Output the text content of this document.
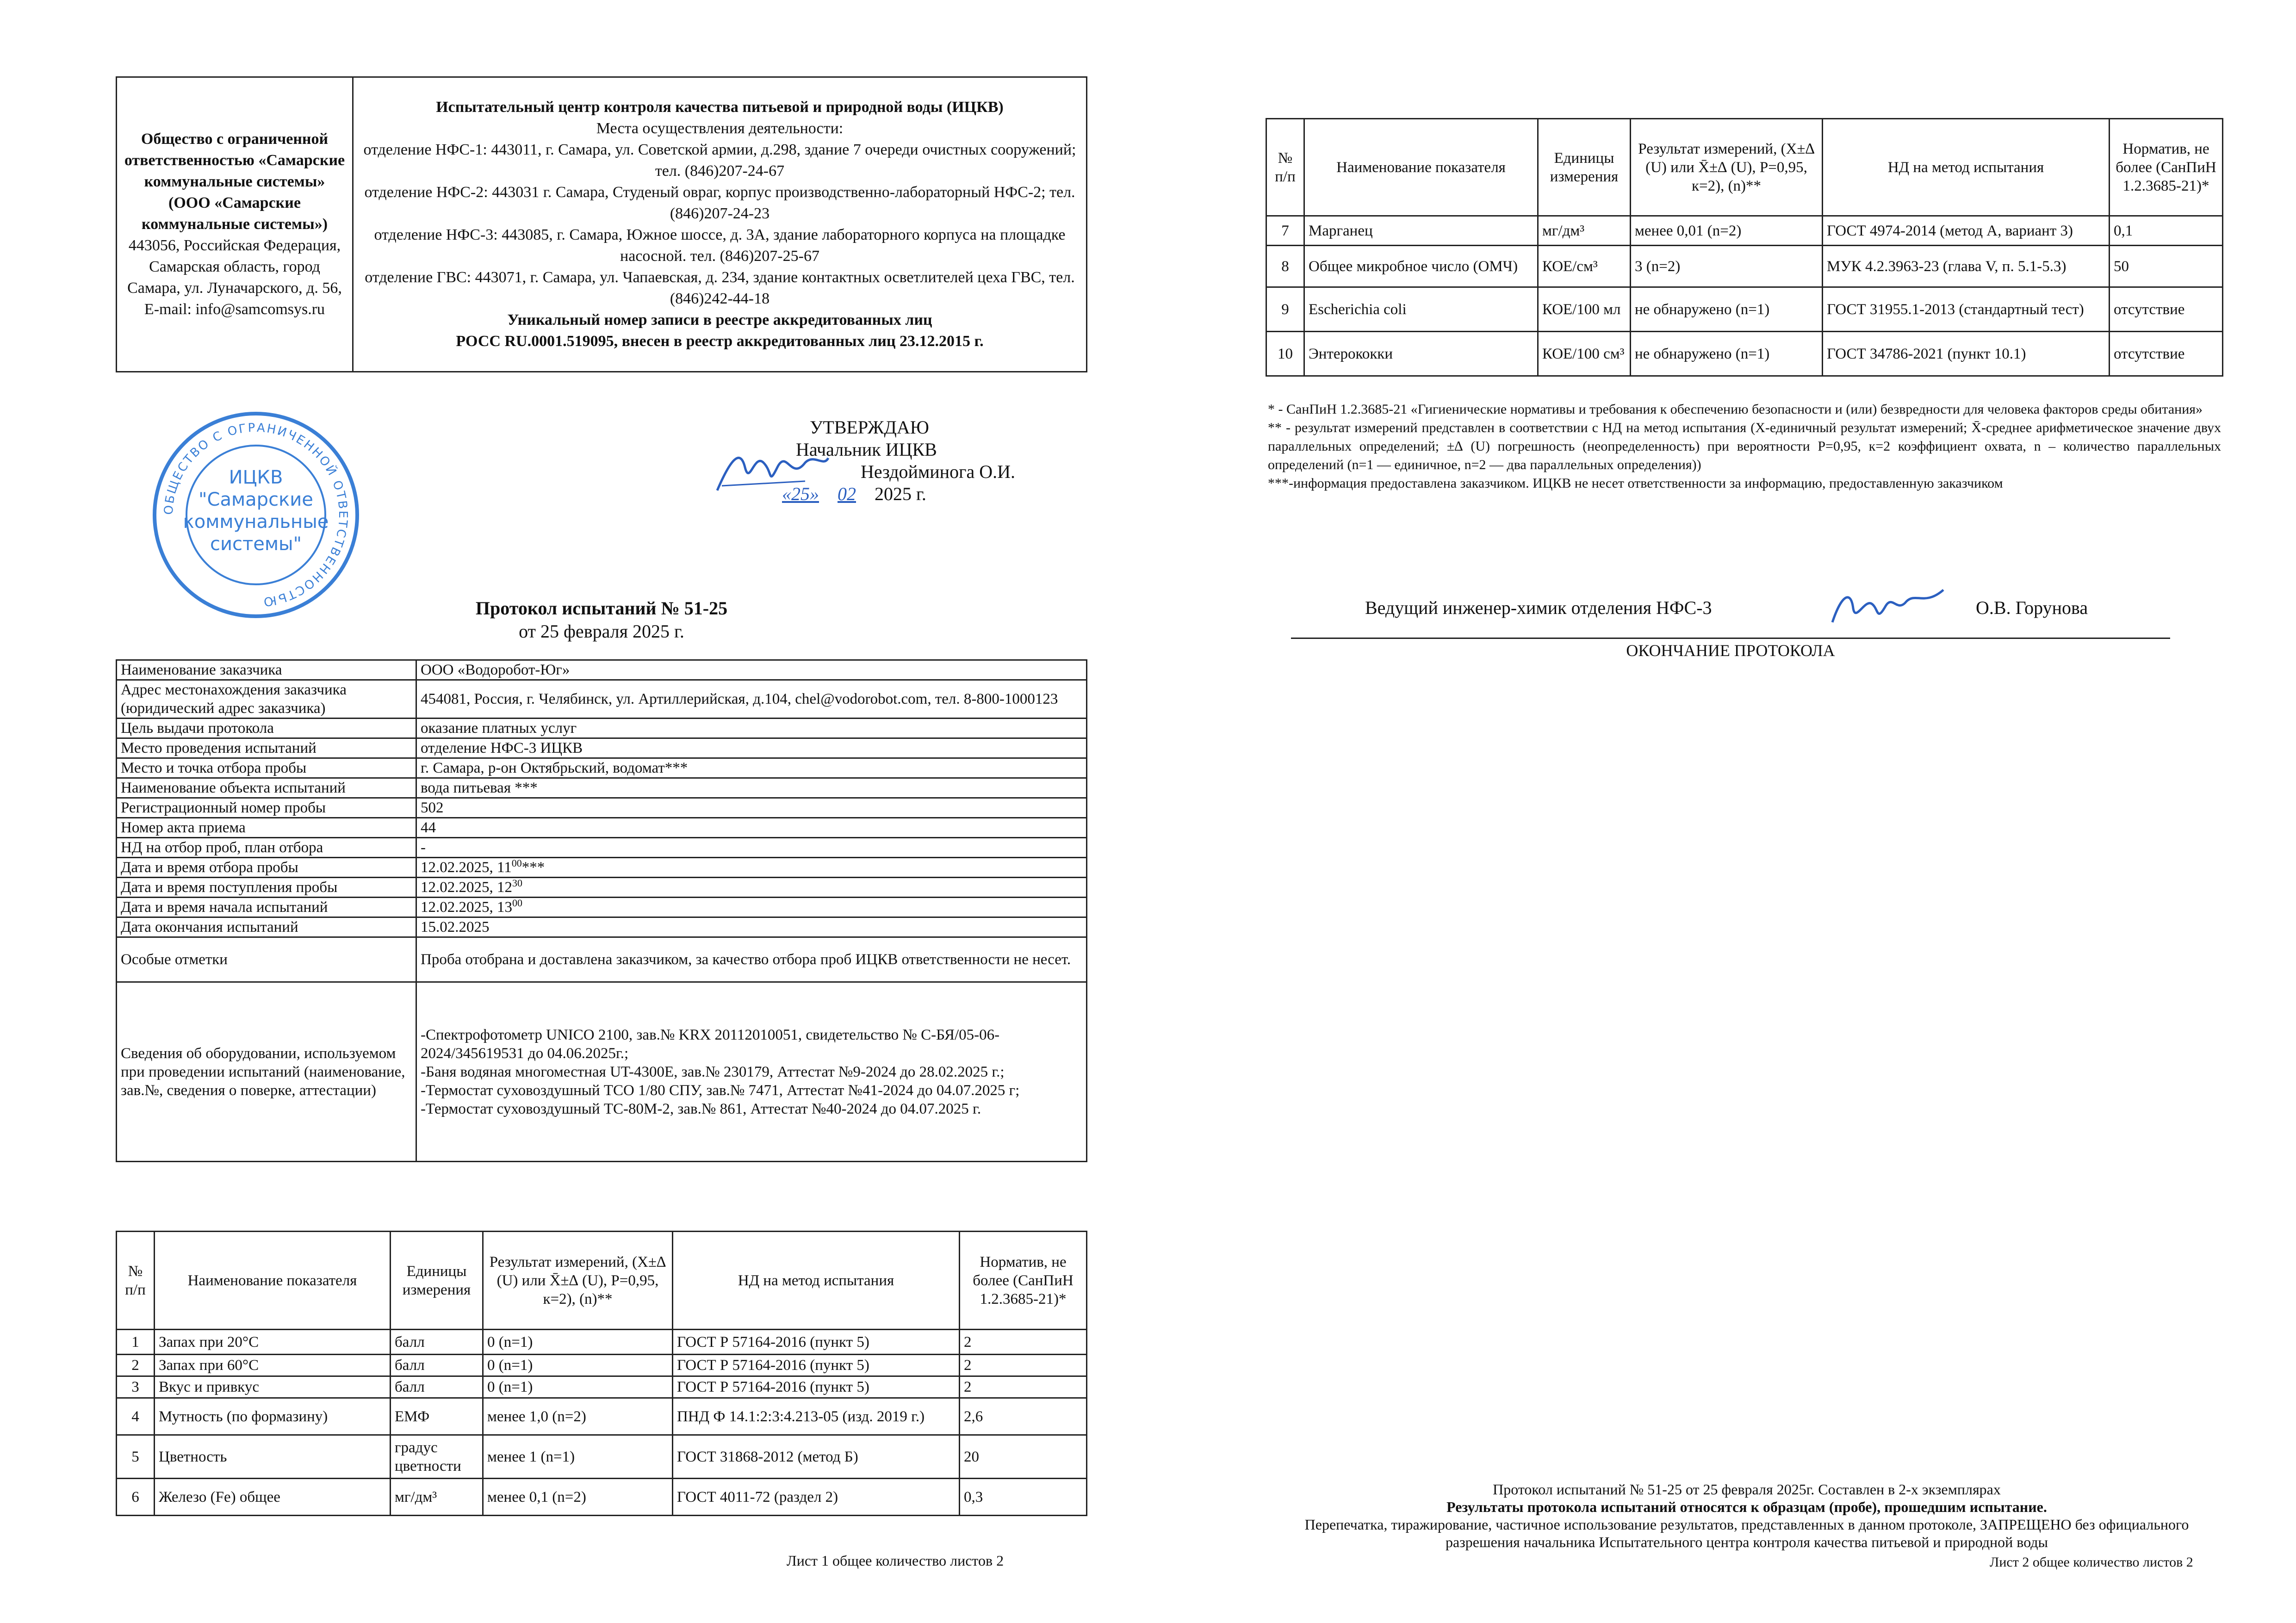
Общество с ограниченной ответственностью «Самарские коммунальные системы» (ООО «Самарские коммунальные системы»)
443056, Российская Федерация, Самарская область, город Самара, ул. Луначарского, д. 56,
E-mail: info@samcomsys.ru

Испытательный центр контроля качества питьевой и природной воды (ИЦКВ)
Места осуществления деятельности:
отделение НФС-1: 443011, г. Самара, ул. Советской армии, д.298, здание 7 очереди очистных сооружений; тел. (846)207-24-67
отделение НФС-2: 443031 г. Самара, Студеный овраг, корпус производственно-лабораторный НФС-2; тел. (846)207-24-23
отделение НФС-3: 443085, г. Самара, Южное шоссе, д. 3А, здание лабораторного корпуса на площадке насосной. тел. (846)207-25-67
отделение ГВС: 443071, г. Самара, ул. Чапаевская, д. 234, здание контактных осветлителей цеха ГВС, тел. (846)242-44-18
Уникальный номер записи в реестре аккредитованных лиц
РОСС RU.0001.519095, внесен в реестр аккредитованных лиц 23.12.2015 г.
ОБЩЕСТВО С ОГРАНИЧЕННОЙ ОТВЕТСТВЕННОСТЬЮ
ИЦКВ
"Самарские
коммунальные
системы"
УТВЕРЖДАЮ
Начальник ИЦКВ
Нездойминога О.И.
«25» 02 2025 г.
Протокол испытаний № 51-25
от 25 февраля 2025 г.
Наименование заказчика	ООО «Водоробот-Юг»
Адрес местонахождения заказчика (юридический адрес заказчика)	454081, Россия, г. Челябинск, ул. Артиллерийская, д.104, chel@vodorobot.com, тел. 8-800-1000123
Цель выдачи протокола	оказание платных услуг
Место проведения испытаний	отделение НФС-3 ИЦКВ
Место и точка отбора пробы	г. Самара, р-он Октябрьский, водомат***
Наименование объекта испытаний	вода питьевая ***
Регистрационный номер пробы	502
Номер акта приема	44
НД на отбор проб, план отбора	-
Дата и время отбора пробы	12.02.2025, $11^{00}***$
Дата и время поступления пробы	12.02.2025, $12^{30}$
Дата и время начала испытаний	12.02.2025, $13^{00}$
Дата окончания испытаний	15.02.2025
Особые отметки	Проба отобрана и доставлена заказчиком, за качество отбора проб ИЦКВ ответственности не несет.
Сведения об оборудовании, используемом при проведении испытаний (наименование, зав.№, сведения о поверке, аттестации)	-Спектрофотометр UNICO 2100, зав.№ KRX 20112010051, свидетельство № С-БЯ/05-06-2024/345619531 до 04.06.2025г.;
-Баня водяная многоместная UT-4300E, зав.№ 230179, Аттестат №9-2024 до 28.02.2025 г.;
-Термостат суховоздушный ТСО 1/80 СПУ, зав.№ 7471, Аттестат №41-2024 до 04.07.2025 г;
-Термостат суховоздушный ТС-80М-2, зав.№ 861, Аттестат №40-2024 до 04.07.2025 г.
№ п/п	Наименование показателя	Единицы измерения	Результат измерений, (Х±∆ (U) или X̄±∆ (U), Р=0,95, к=2), (n)**	НД на метод испытания	Норматив, не более (СанПиН 1.2.3685-21)*
1	Запах при 20°С	балл	0 (n=1)	ГОСТ Р 57164-2016 (пункт 5)	2
2	Запах при 60°С	балл	0 (n=1)	ГОСТ Р 57164-2016 (пункт 5)	2
3	Вкус и привкус	балл	0 (n=1)	ГОСТ Р 57164-2016 (пункт 5)	2
4	Мутность (по формазину)	ЕМФ	менее 1,0 (n=2)	ПНД Ф 14.1:2:3:4.213-05 (изд. 2019 г.)	2,6
5	Цветность	градус цветности	менее 1 (n=1)	ГОСТ 31868-2012 (метод Б)	20
6	Железо (Fe) общее	мг/дм³	менее 0,1 (n=2)	ГОСТ 4011-72 (раздел 2)	0,3
Лист 1 общее количество листов 2
№ п/п	Наименование показателя	Единицы измерения	Результат измерений, (Х±∆ (U) или X̄±∆ (U), Р=0,95, к=2), (n)**	НД на метод испытания	Норматив, не более (СанПиН 1.2.3685-21)*
7	Марганец	мг/дм³	менее 0,01 (n=2)	ГОСТ 4974-2014 (метод А, вариант 3)	0,1
8	Общее микробное число (ОМЧ)	КОЕ/см³	3 (n=2)	МУК 4.2.3963-23 (глава V, п. 5.1-5.3)	50
9	Escherichia coli	КОЕ/100 мл	не обнаружено (n=1)	ГОСТ 31955.1-2013 (стандартный тест)	отсутствие
10	Энтерококки	КОЕ/100 см³	не обнаружено (n=1)	ГОСТ 34786-2021 (пункт 10.1)	отсутствие
* - СанПиН 1.2.3685-21 «Гигиенические нормативы и требования к обеспечению безопасности и (или) безвредности для человека факторов среды обитания»
** - результат измерений представлен в соответствии с НД на метод испытания (Х-единичный результат измерений; X̄-среднее арифметическое значение двух параллельных определений; ±∆ (U) погрешность (неопределенность) при вероятности Р=0,95, к=2 коэффициент охвата, n – количество параллельных определений (n=1 — единичное, n=2 — два параллельных определения))
***-информация предоставлена заказчиком. ИЦКВ не несет ответственности за информацию, предоставленную заказчиком
Ведущий инженер-химик отделения НФС-3	О.В. Горунова
ОКОНЧАНИЕ ПРОТОКОЛА
Протокол испытаний № 51-25 от 25 февраля 2025г. Составлен в 2-х экземплярах
Результаты протокола испытаний относятся к образцам (пробе), прошедшим испытание.
Перепечатка, тиражирование, частичное использование результатов, представленных в данном протоколе, ЗАПРЕЩЕНО без официального разрешения начальника Испытательного центра контроля качества питьевой и природной воды
Лист 2 общее количество листов 2
